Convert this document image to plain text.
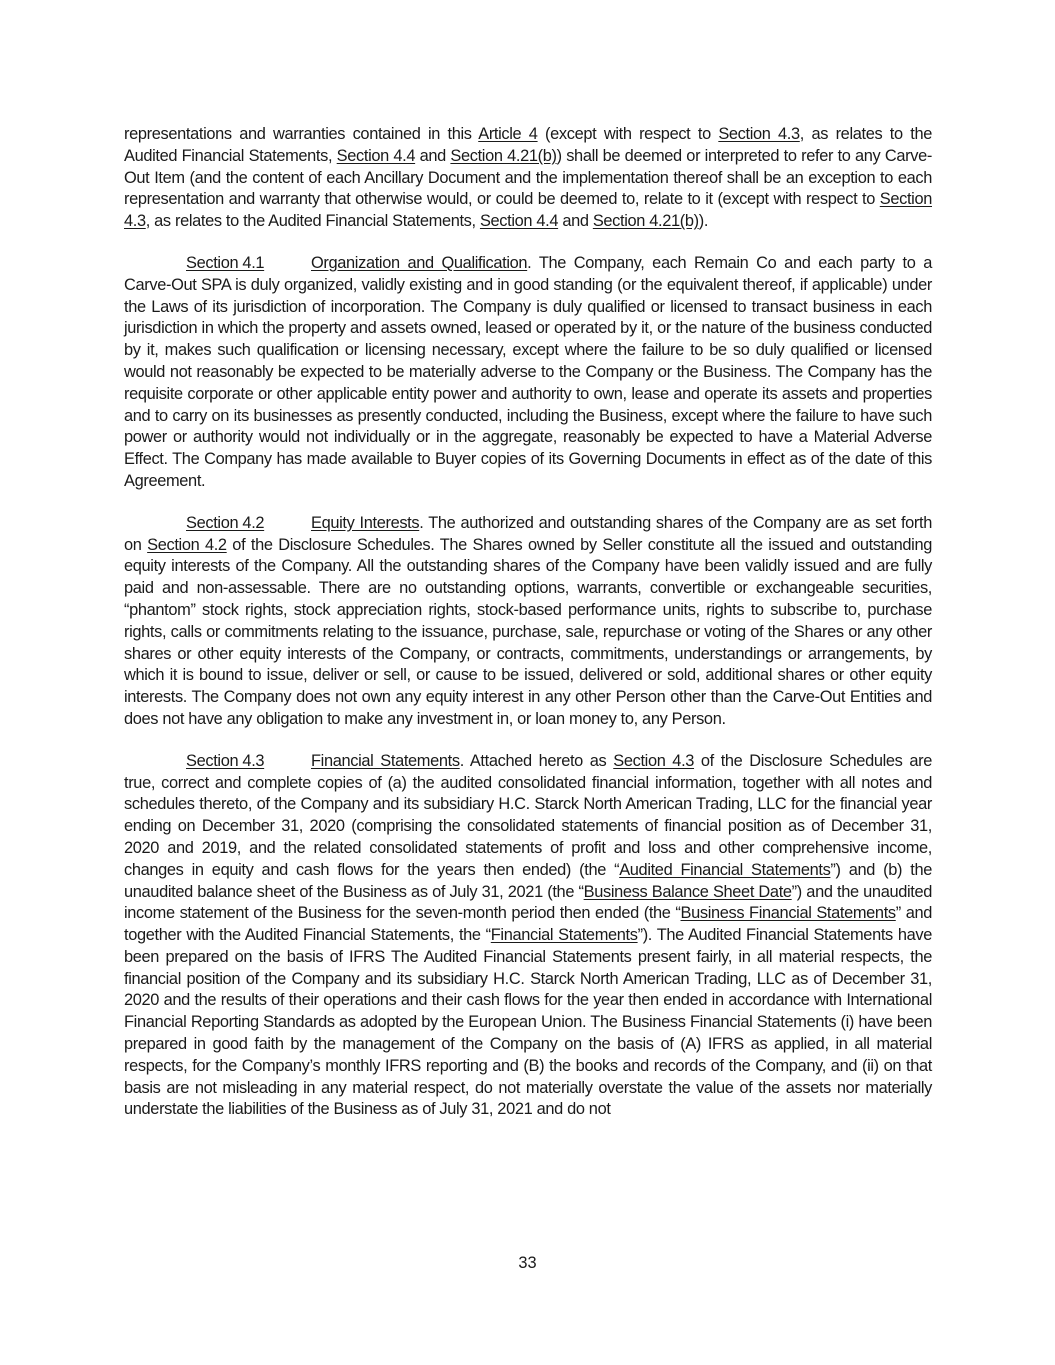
representations and warranties contained in this Article 4 (except with respect to Section 4.3, as relates to the Audited Financial Statements, Section 4.4 and Section 4.21(b)) shall be deemed or interpreted to refer to any Carve-Out Item (and the content of each Ancillary Document and the implementation thereof shall be an exception to each representation and warranty that otherwise would, or could be deemed to, relate to it (except with respect to Section 4.3, as relates to the Audited Financial Statements, Section 4.4 and Section 4.21(b)).

Section 4.1	Organization and Qualification. The Company, each Remain Co and each party to a Carve-Out SPA is duly organized, validly existing and in good standing (or the equivalent thereof, if applicable) under the Laws of its jurisdiction of incorporation. The Company is duly qualified or licensed to transact business in each jurisdiction in which the property and assets owned, leased or operated by it, or the nature of the business conducted by it, makes such qualification or licensing necessary, except where the failure to be so duly qualified or licensed would not reasonably be expected to be materially adverse to the Company or the Business. The Company has the requisite corporate or other applicable entity power and authority to own, lease and operate its assets and properties and to carry on its businesses as presently conducted, including the Business, except where the failure to have such power or authority would not individually or in the aggregate, reasonably be expected to have a Material Adverse Effect. The Company has made available to Buyer copies of its Governing Documents in effect as of the date of this Agreement.

Section 4.2	Equity Interests. The authorized and outstanding shares of the Company are as set forth on Section 4.2 of the Disclosure Schedules. The Shares owned by Seller constitute all the issued and outstanding equity interests of the Company. All the outstanding shares of the Company have been validly issued and are fully paid and non-assessable. There are no outstanding options, warrants, convertible or exchangeable securities, “phantom” stock rights, stock appreciation rights, stock-based performance units, rights to subscribe to, purchase rights, calls or commitments relating to the issuance, purchase, sale, repurchase or voting of the Shares or any other shares or other equity interests of the Company, or contracts, commitments, understandings or arrangements, by which it is bound to issue, deliver or sell, or cause to be issued, delivered or sold, additional shares or other equity interests. The Company does not own any equity interest in any other Person other than the Carve-Out Entities and does not have any obligation to make any investment in, or loan money to, any Person.

Section 4.3	Financial Statements. Attached hereto as Section 4.3 of the Disclosure Schedules are true, correct and complete copies of (a) the audited consolidated financial information, together with all notes and schedules thereto, of the Company and its subsidiary H.C. Starck North American Trading, LLC for the financial year ending on December 31, 2020 (comprising the consolidated statements of financial position as of December 31, 2020 and 2019, and the related consolidated statements of profit and loss and other comprehensive income, changes in equity and cash flows for the years then ended) (the “Audited Financial Statements”) and (b) the unaudited balance sheet of the Business as of July 31, 2021 (the “Business Balance Sheet Date”) and the unaudited income statement of the Business for the seven-month period then ended (the “Business Financial Statements” and together with the Audited Financial Statements, the “Financial Statements”). The Audited Financial Statements have been prepared on the basis of IFRS The Audited Financial Statements present fairly, in all material respects, the financial position of the Company and its subsidiary H.C. Starck North American Trading, LLC as of December 31, 2020 and the results of their operations and their cash flows for the year then ended in accordance with International Financial Reporting Standards as adopted by the European Union. The Business Financial Statements (i) have been prepared in good faith by the management of the Company on the basis of (A) IFRS as applied, in all material respects, for the Company’s monthly IFRS reporting and (B) the books and records of the Company, and (ii) on that basis are not misleading in any material respect, do not materially overstate the value of the assets nor materially understate the liabilities of the Business as of July 31, 2021 and do not

33
